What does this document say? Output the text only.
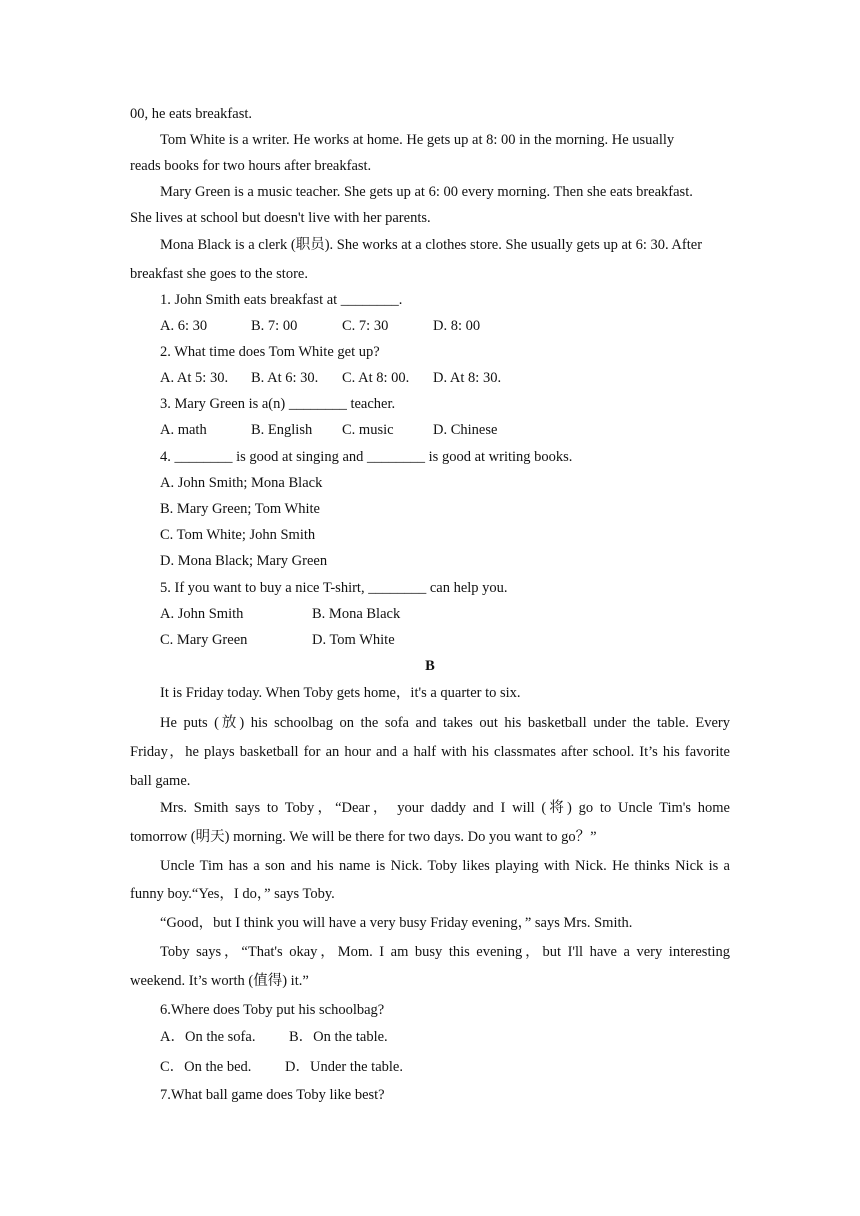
00, he eats breakfast.
Tom White is a writer. He works at home. He gets up at 8: 00 in the morning. He usually
reads books for two hours after breakfast.
Mary Green is a music teacher. She gets up at 6: 00 every morning. Then she eats breakfast.
She lives at school but doesn't live with her parents.
Mona Black is a clerk (职员). She works at a clothes store. She usually gets up at 6: 30. After
breakfast she goes to the store.
1. John Smith eats breakfast at ________.
A. 6: 30	B. 7: 00	C. 7: 30	D. 8: 00
2. What time does Tom White get up?
A. At 5: 30. B. At 6: 30. C. At 8: 00. D. At 8: 30.
3. Mary Green is a(n) ________ teacher.
A. math	B. English C. music	D. Chinese
4. ________ is good at singing and ________ is good at writing books.
A. John Smith; Mona Black
B. Mary Green; Tom White
C. Tom White; John Smith
D. Mona Black; Mary Green
5. If you want to buy a nice T-shirt, ________ can help you.
A. John Smith	B. Mona Black
C. Mary Green	D. Tom White
B
It is Friday today. When Toby gets home，it's a quarter to six.
He puts (放) his schoolbag on the sofa and takes out his basketball under the table. Every
Friday，he plays basketball for an hour and a half with his classmates after school. It’s his favorite
ball game.
Mrs. Smith says to Toby，“Dear， your daddy and I will (将) go to Uncle Tim's home
tomorrow (明天) morning. We will be there for two days. Do you want to go？”
Uncle Tim has a son and his name is Nick. Toby likes playing with Nick. He thinks Nick is a
funny boy.“Yes，I do，” says Toby.
“Good，but I think you will have a very busy Friday evening，” says Mrs. Smith.
Toby says，“That's okay，Mom. I am busy this evening，but I'll have a very interesting
weekend. It’s worth (值得) it.”
6.Where does Toby put his schoolbag?
A．On the sofa. B．On the table.
C．On the bed. D．Under the table.
7.What ball game does Toby like best?
